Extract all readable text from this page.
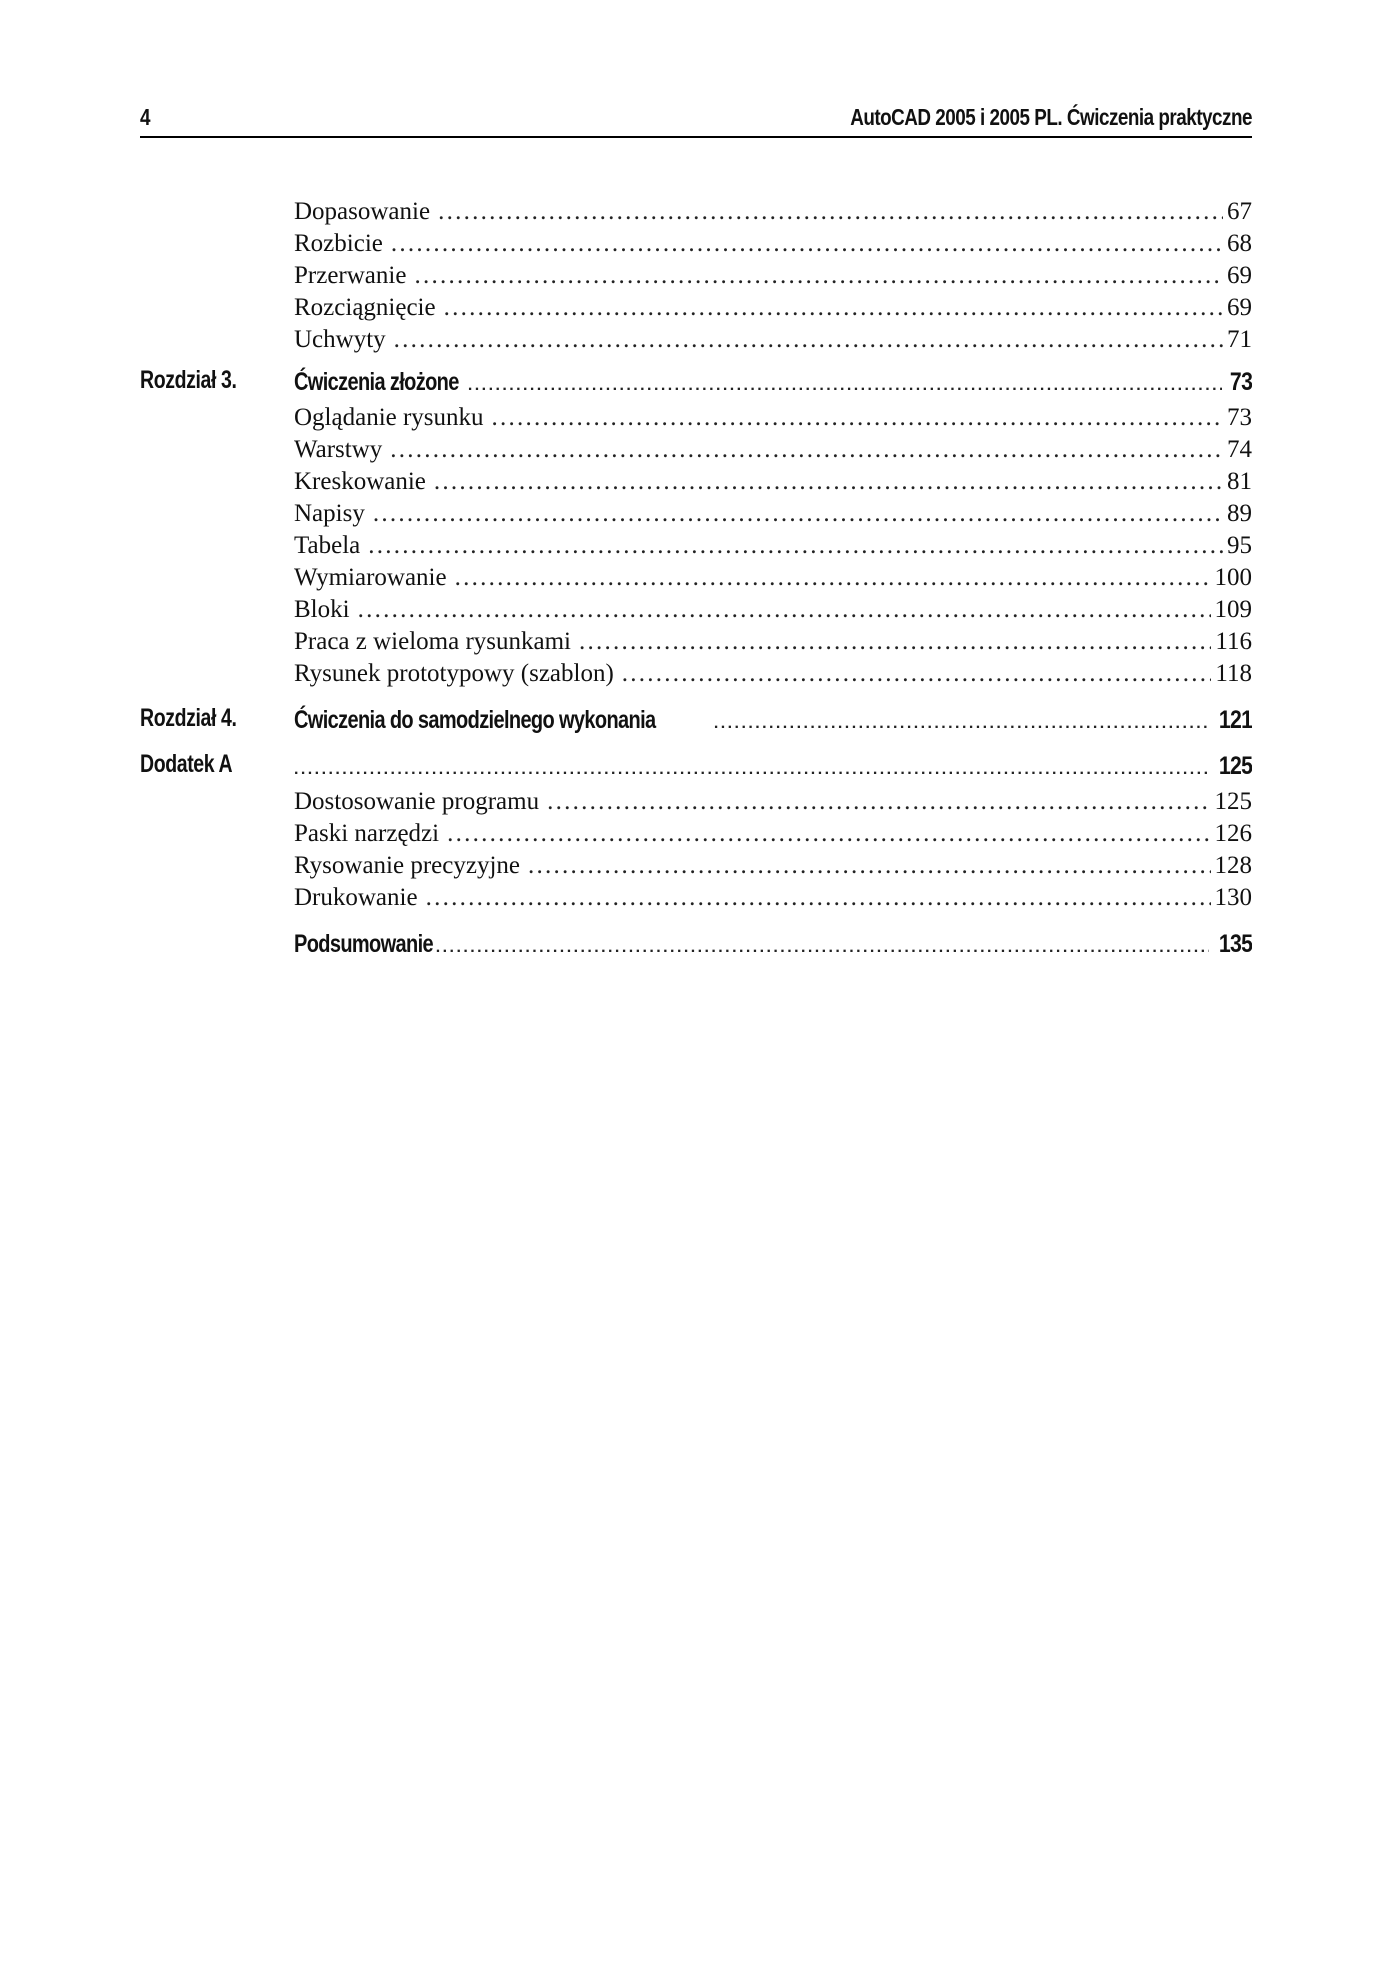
4	AutoCAD 2005 i 2005 PL. Ćwiczenia praktyczne
Dopasowanie . . .	67
Rozbicie . . .	68
Przerwanie . . .	69
Rozciągnięcie . . .	69
Uchwyty . . .	71
Rozdział 3. Ćwiczenia złożone . . .	73
Oglądanie rysunku . . .	73
Warstwy . . .	74
Kreskowanie . . .	81
Napisy . . .	89
Tabela . . .	95
Wymiarowanie . . .	100
Bloki . . .	109
Praca z wieloma rysunkami . . .	116
Rysunek prototypowy (szablon) . . .	118
Rozdział 4. Ćwiczenia do samodzielnego wykonania . . .	121
Dodatek A . . .	125
Dostosowanie programu . . .	125
Paski narzędzi . . .	126
Rysowanie precyzyjne . . .	128
Drukowanie . . .	130
Podsumowanie . . .	135
